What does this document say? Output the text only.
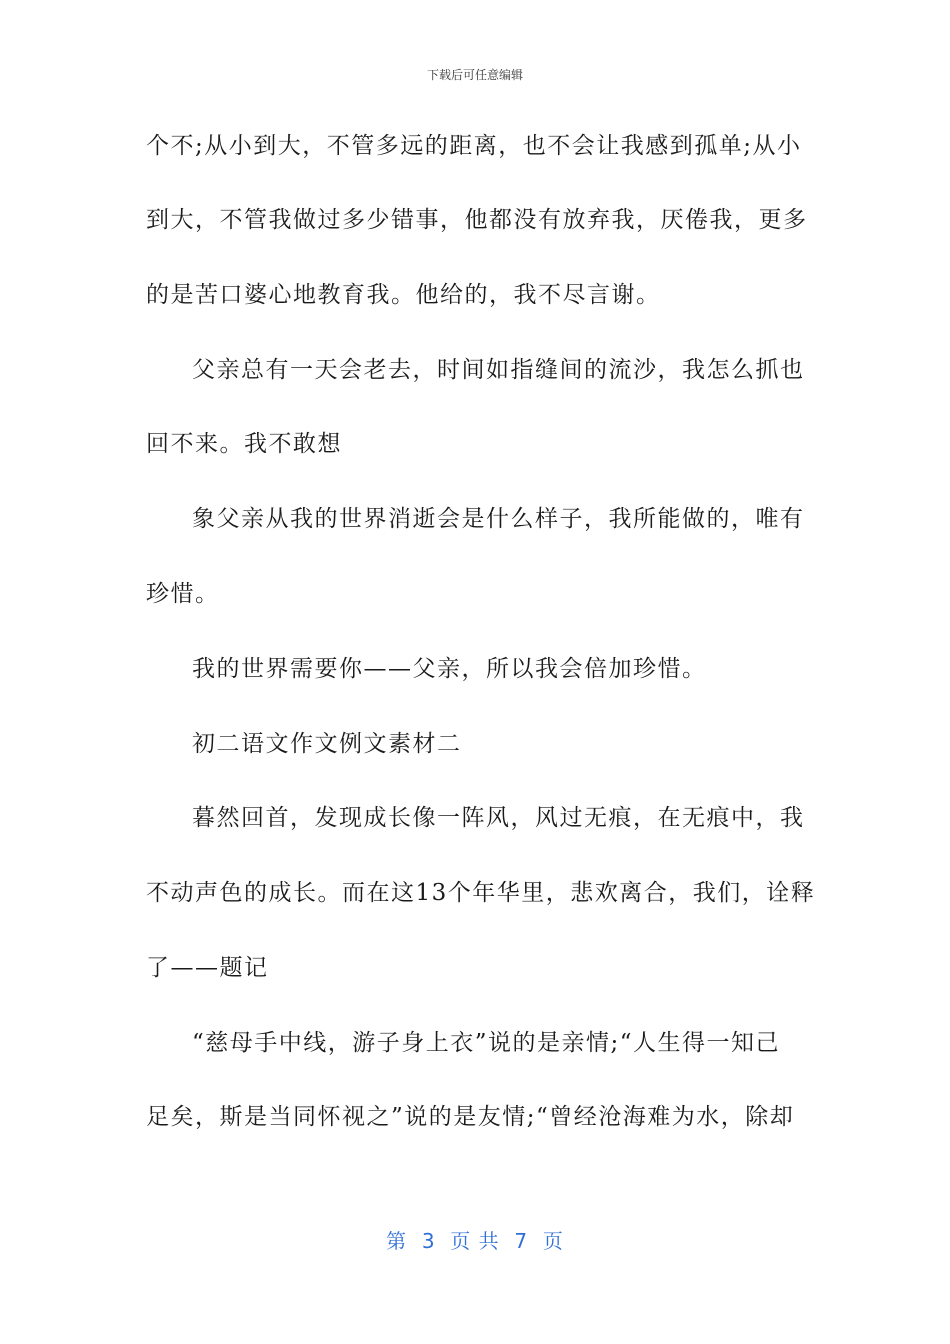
下载后可任意编辑
个不;从小到大，不管多远的距离，也不会让我感到孤单;从小
到大，不管我做过多少错事，他都没有放弃我，厌倦我，更多
的是苦口婆心地教育我。他给的，我不尽言谢。
父亲总有一天会老去，时间如指缝间的流沙，我怎么抓也
回不来。我不敢想
象父亲从我的世界消逝会是什么样子，我所能做的，唯有
珍惜。
我的世界需要你——父亲，所以我会倍加珍惜。
初二语文作文例文素材二
暮然回首，发现成长像一阵风，风过无痕，在无痕中，我
不动声色的成长。而在这13个年华里，悲欢离合，我们，诠释
了——题记
“慈母手中线，游子身上衣”说的是亲情;“人生得一知己
足矣，斯是当同怀视之”说的是友情;“曾经沧海难为水，除却
第  3  页 共  7  页
